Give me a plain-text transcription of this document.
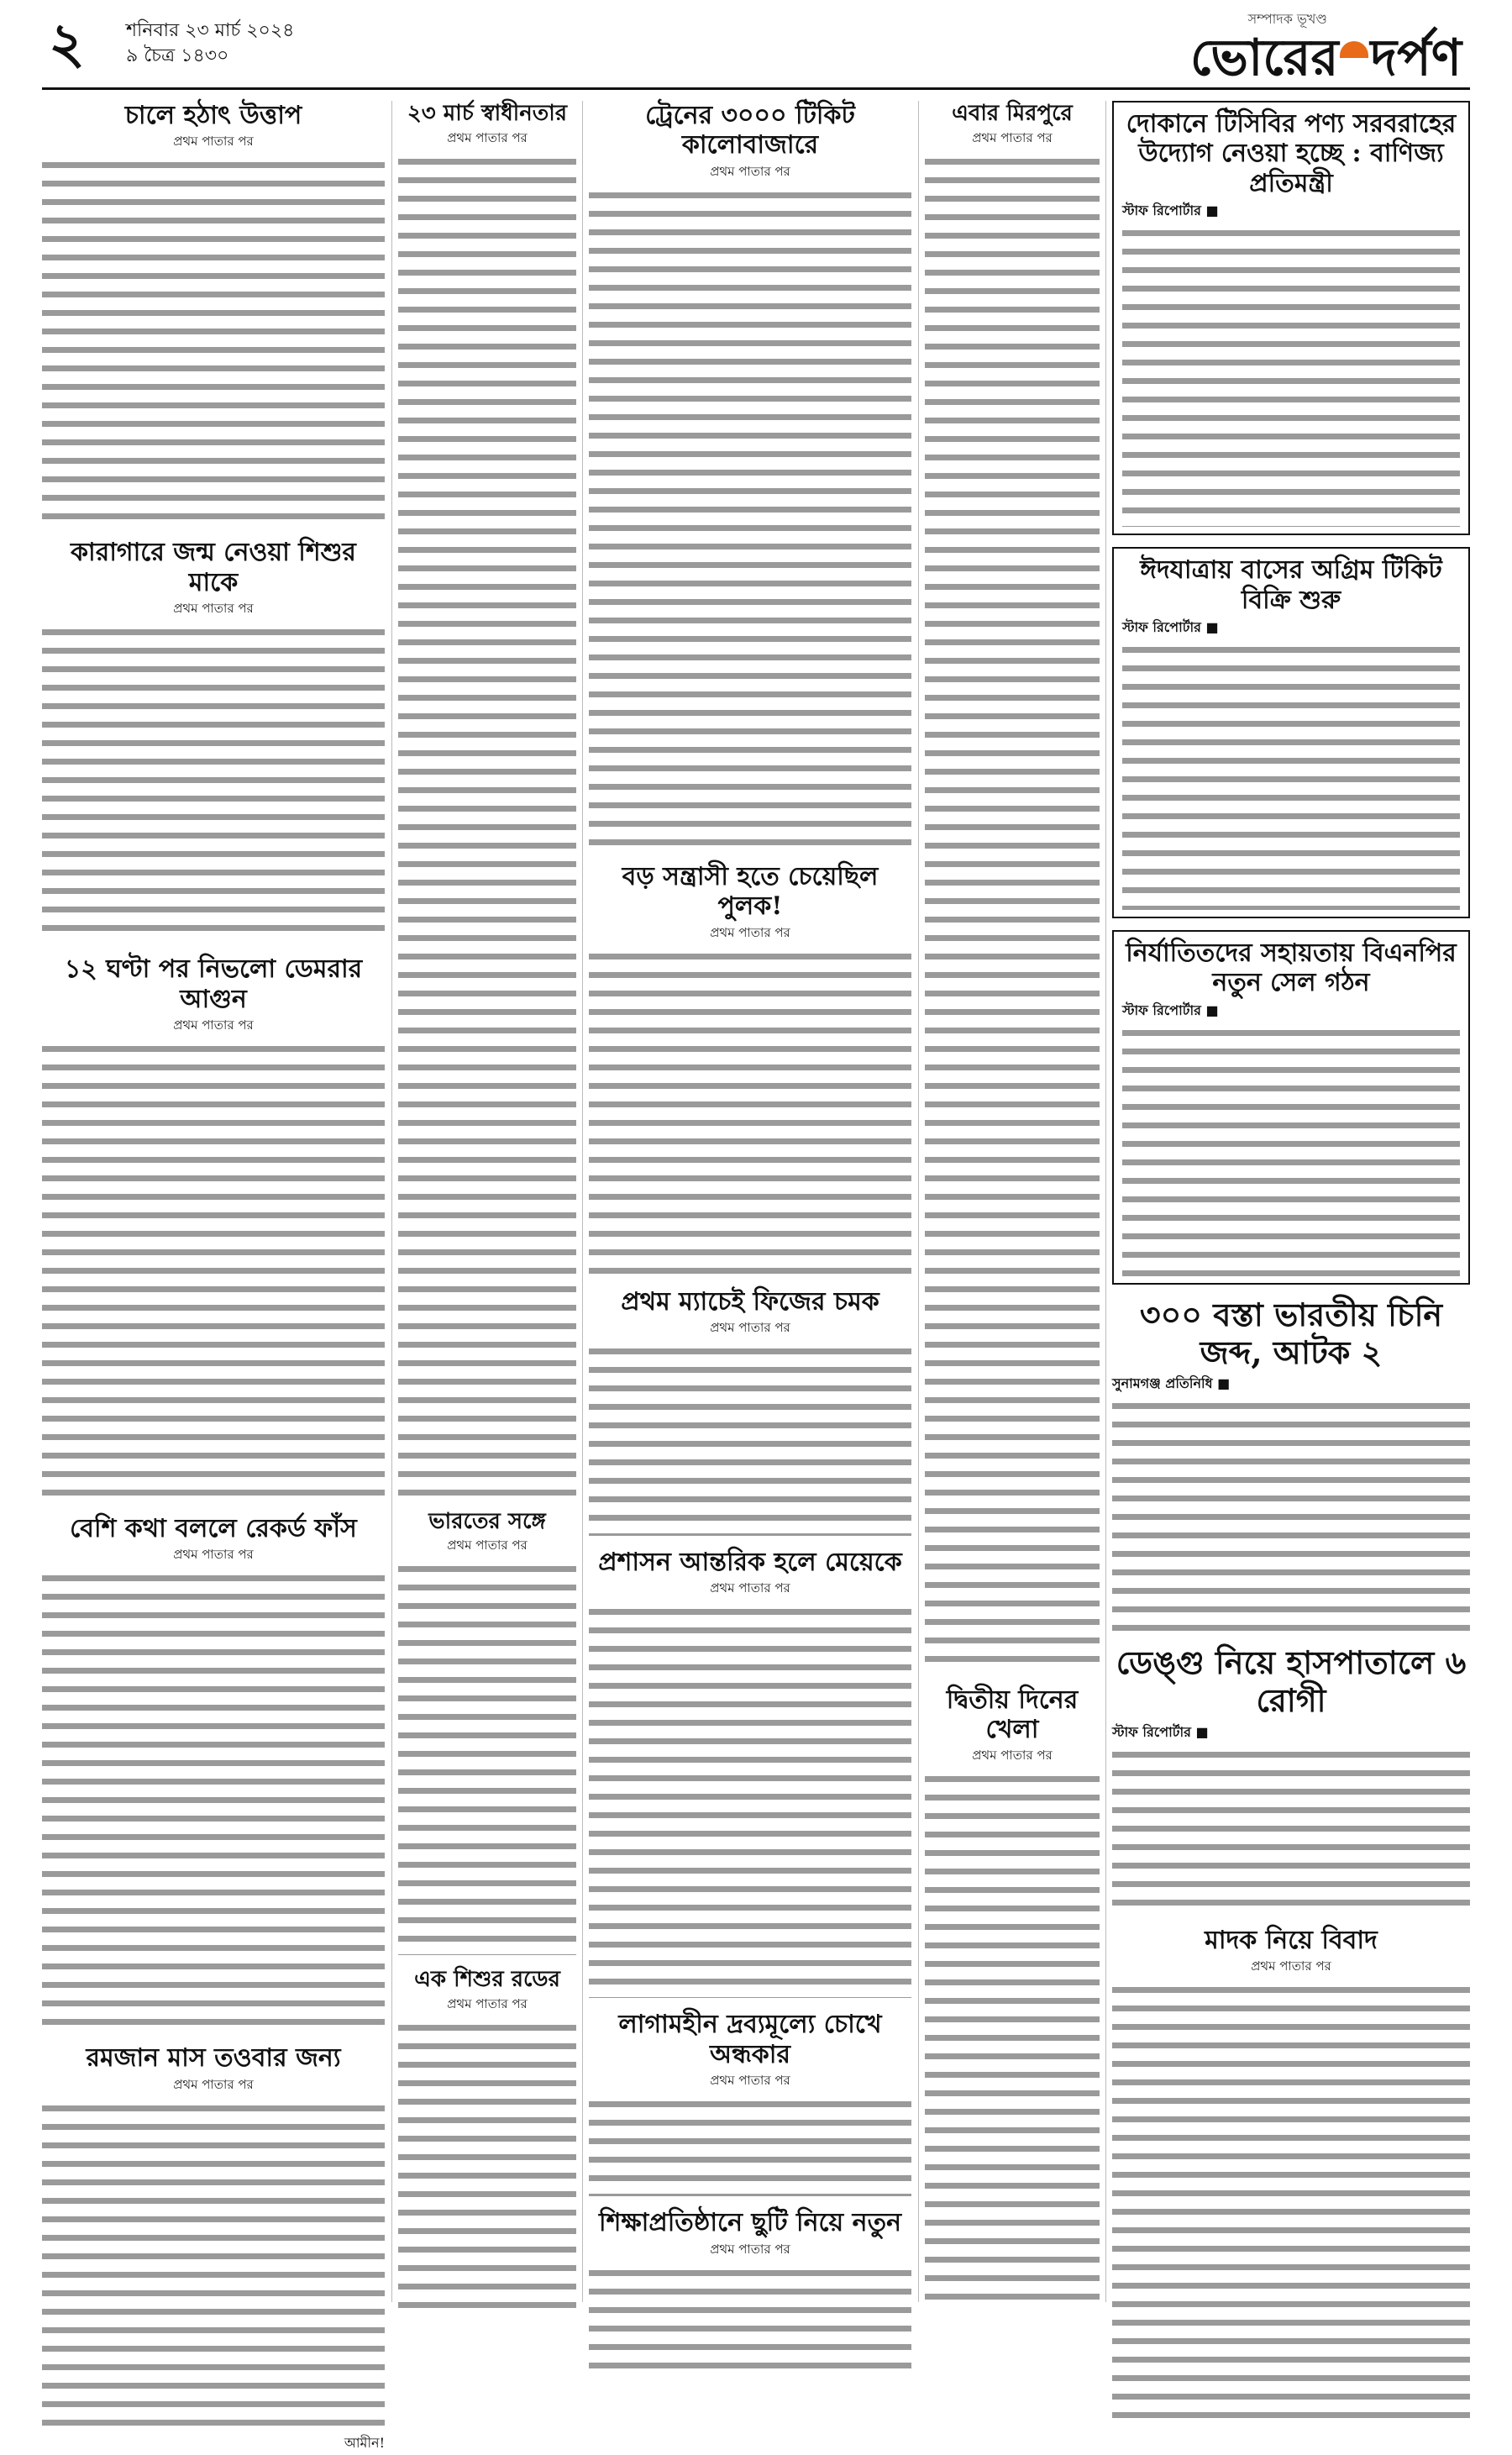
২ শনিবার ২৩ মার্চ ২০২৪
৯ চৈত্র ১৪৩০
সম্পাদক ভূখণ্ড
ভোরের দর্পণ
চালে হঠাৎ উত্তাপ
প্রথম পাতার পর
কারাগারে জন্ম নেওয়া শিশুর মাকে
প্রথম পাতার পর
১২ ঘণ্টা পর নিভলো ডেমরার আগুন
প্রথম পাতার পর
বেশি কথা বললে রেকর্ড ফাঁস
প্রথম পাতার পর
রমজান মাস তওবার জন্য
প্রথম পাতার পর
আমীন!
২৩ মার্চ স্বাধীনতার
প্রথম পাতার পর
ভারতের সঙ্গে
প্রথম পাতার পর
এক শিশুর রডের
প্রথম পাতার পর
ট্রেনের ৩০০০ টিকিট কালোবাজারে
প্রথম পাতার পর
বড় সন্ত্রাসী হতে চেয়েছিল পুলক!
প্রথম পাতার পর
প্রথম ম্যাচেই ফিজের চমক
প্রথম পাতার পর
প্রশাসন আন্তরিক হলে মেয়েকে
প্রথম পাতার পর
লাগামহীন দ্রব্যমূল্যে চোখে অন্ধকার
প্রথম পাতার পর
শিক্ষাপ্রতিষ্ঠানে ছুটি নিয়ে নতুন
প্রথম পাতার পর
এবার মিরপুরে
প্রথম পাতার পর
দ্বিতীয় দিনের খেলা
প্রথম পাতার পর
দোকানে টিসিবির পণ্য সরবরাহের উদ্যোগ নেওয়া হচ্ছে : বাণিজ্য প্রতিমন্ত্রী
স্টাফ রিপোর্টার ■
ঈদযাত্রায় বাসের অগ্রিম টিকিট বিক্রি শুরু
স্টাফ রিপোর্টার ■
নির্যাতিতদের সহায়তায় বিএনপির নতুন সেল গঠন
স্টাফ রিপোর্টার ■
৩০০ বস্তা ভারতীয় চিনি জব্দ, আটক ২
সুনামগঞ্জ প্রতিনিধি ■
ডেঙ্গু নিয়ে হাসপাতালে ৬ রোগী
স্টাফ রিপোর্টার ■
মাদক নিয়ে বিবাদ
প্রথম পাতার পর
